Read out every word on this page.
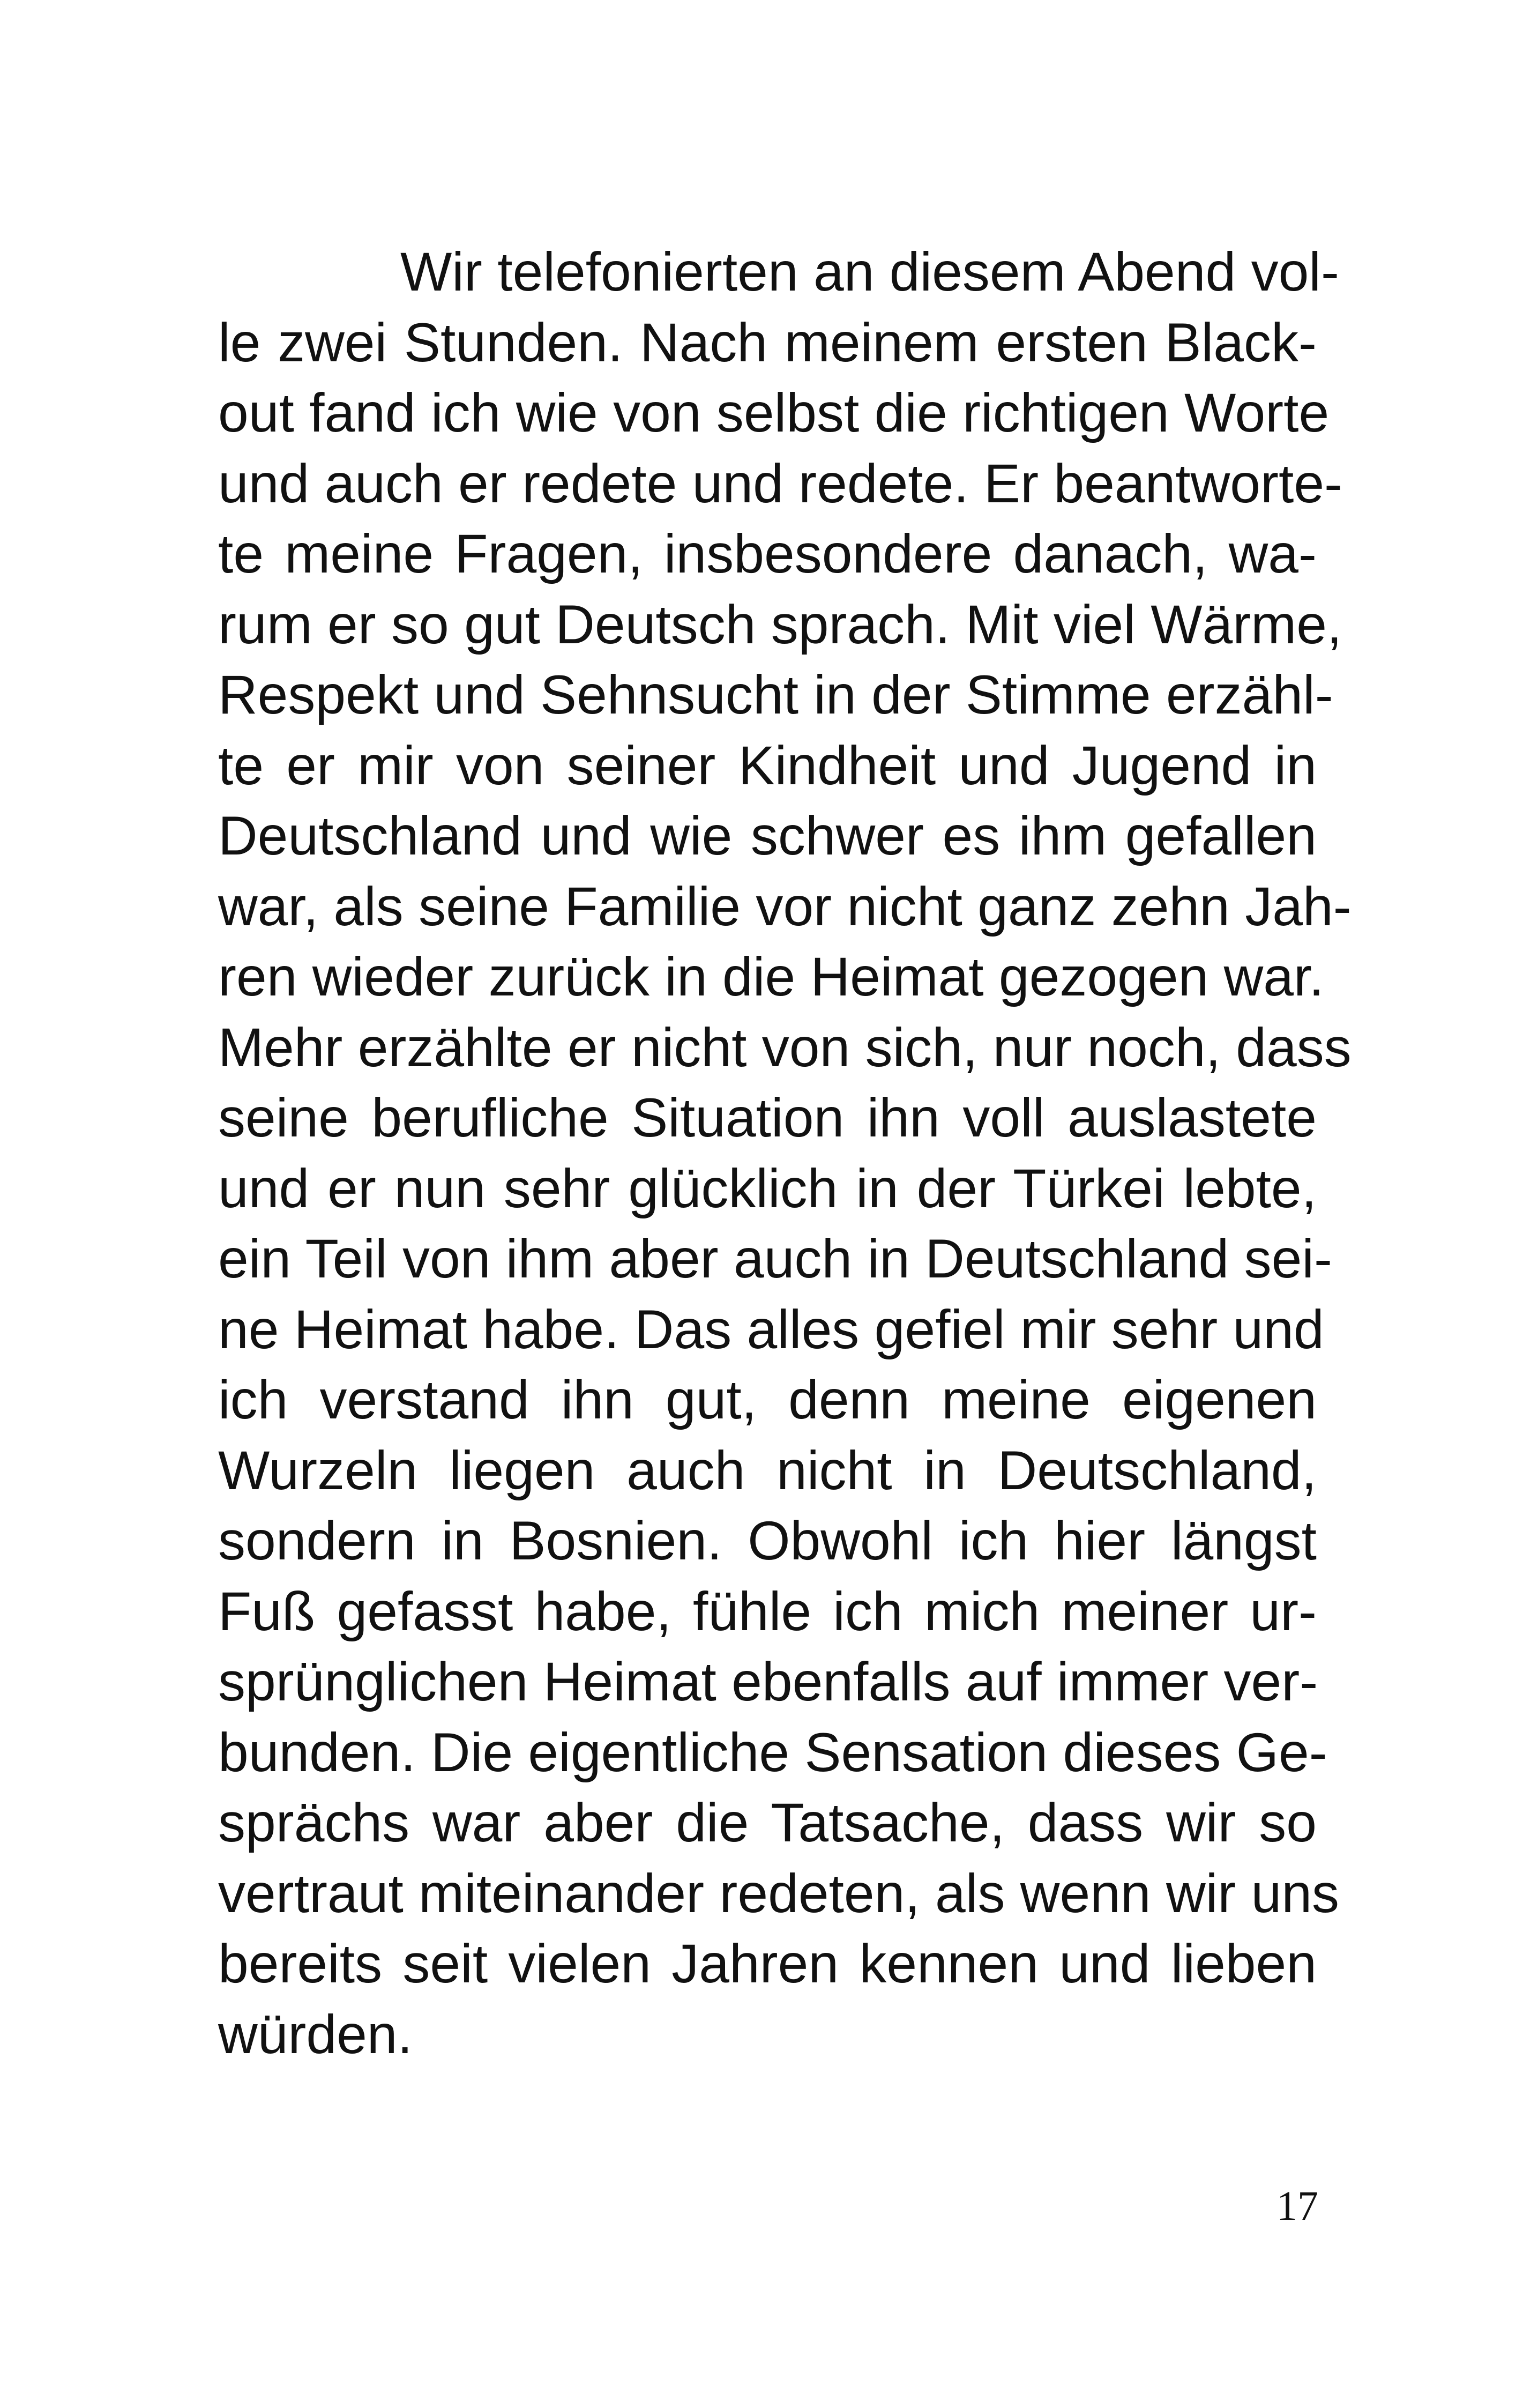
Wir telefonierten an diesem Abend vol-
le zwei Stunden. Nach meinem ersten Black-
out fand ich wie von selbst die richtigen Worte
und auch er redete und redete. Er beantworte-
te meine Fragen, insbesondere danach, wa-
rum er so gut Deutsch sprach. Mit viel Wärme,
Respekt und Sehnsucht in der Stimme erzähl-
te er mir von seiner Kindheit und Jugend in
Deutschland und wie schwer es ihm gefallen
war, als seine Familie vor nicht ganz zehn Jah-
ren wieder zurück in die Heimat gezogen war.
Mehr erzählte er nicht von sich, nur noch, dass
seine berufliche Situation ihn voll auslastete
und er nun sehr glücklich in der Türkei lebte,
ein Teil von ihm aber auch in Deutschland sei-
ne Heimat habe. Das alles gefiel mir sehr und
ich verstand ihn gut, denn meine eigenen
Wurzeln liegen auch nicht in Deutschland,
sondern in Bosnien. Obwohl ich hier längst
Fuß gefasst habe, fühle ich mich meiner ur-
sprünglichen Heimat ebenfalls auf immer ver-
bunden. Die eigentliche Sensation dieses Ge-
sprächs war aber die Tatsache, dass wir so
vertraut miteinander redeten, als wenn wir uns
bereits seit vielen Jahren kennen und lieben
würden.
17
